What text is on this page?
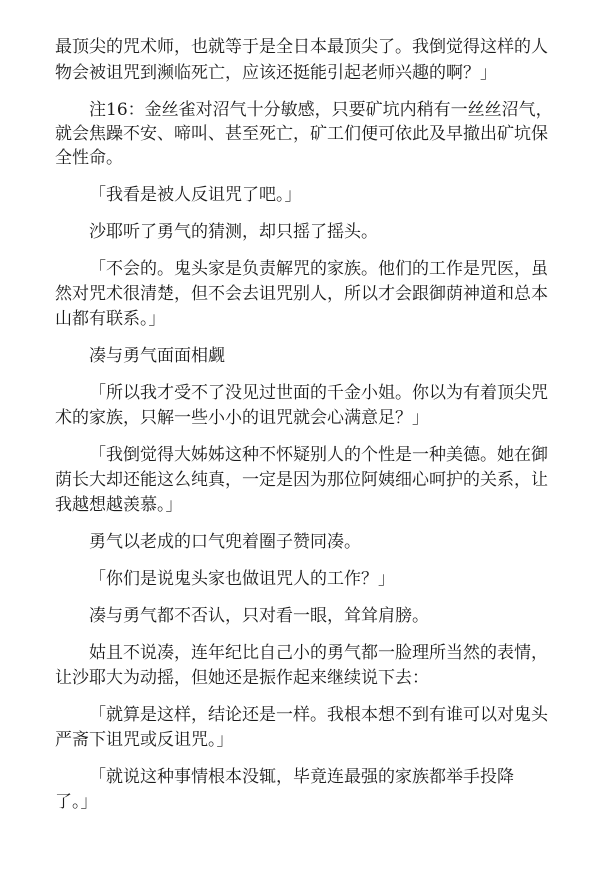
最顶尖的咒术师，也就等于是全日本最顶尖了。我倒觉得这样的人
物会被诅咒到濒临死亡，应该还挺能引起老师兴趣的啊？」
注16：金丝雀对沼气十分敏感，只要矿坑内稍有一丝丝沼气，
就会焦躁不安、啼叫、甚至死亡，矿工们便可依此及早撤出矿坑保
全性命。
「我看是被人反诅咒了吧。」
沙耶听了勇气的猜测，却只摇了摇头。
「不会的。鬼头家是负责解咒的家族。他们的工作是咒医，虽
然对咒术很清楚，但不会去诅咒别人，所以才会跟御荫神道和总本
山都有联系。」
凑与勇气面面相觑
「所以我才受不了没见过世面的千金小姐。你以为有着顶尖咒
术的家族，只解一些小小的诅咒就会心满意足？」
「我倒觉得大姊姊这种不怀疑别人的个性是一种美德。她在御
荫长大却还能这么纯真，一定是因为那位阿姨细心呵护的关系，让
我越想越羡慕。」
勇气以老成的口气兜着圈子赞同凑。
「你们是说鬼头家也做诅咒人的工作？」
凑与勇气都不否认，只对看一眼，耸耸肩膀。
姑且不说凑，连年纪比自己小的勇气都一脸理所当然的表情，
让沙耶大为动摇，但她还是振作起来继续说下去：
「就算是这样，结论还是一样。我根本想不到有谁可以对鬼头
严斋下诅咒或反诅咒。」
「就说这种事情根本没辄，毕竟连最强的家族都举手投降
了。」
